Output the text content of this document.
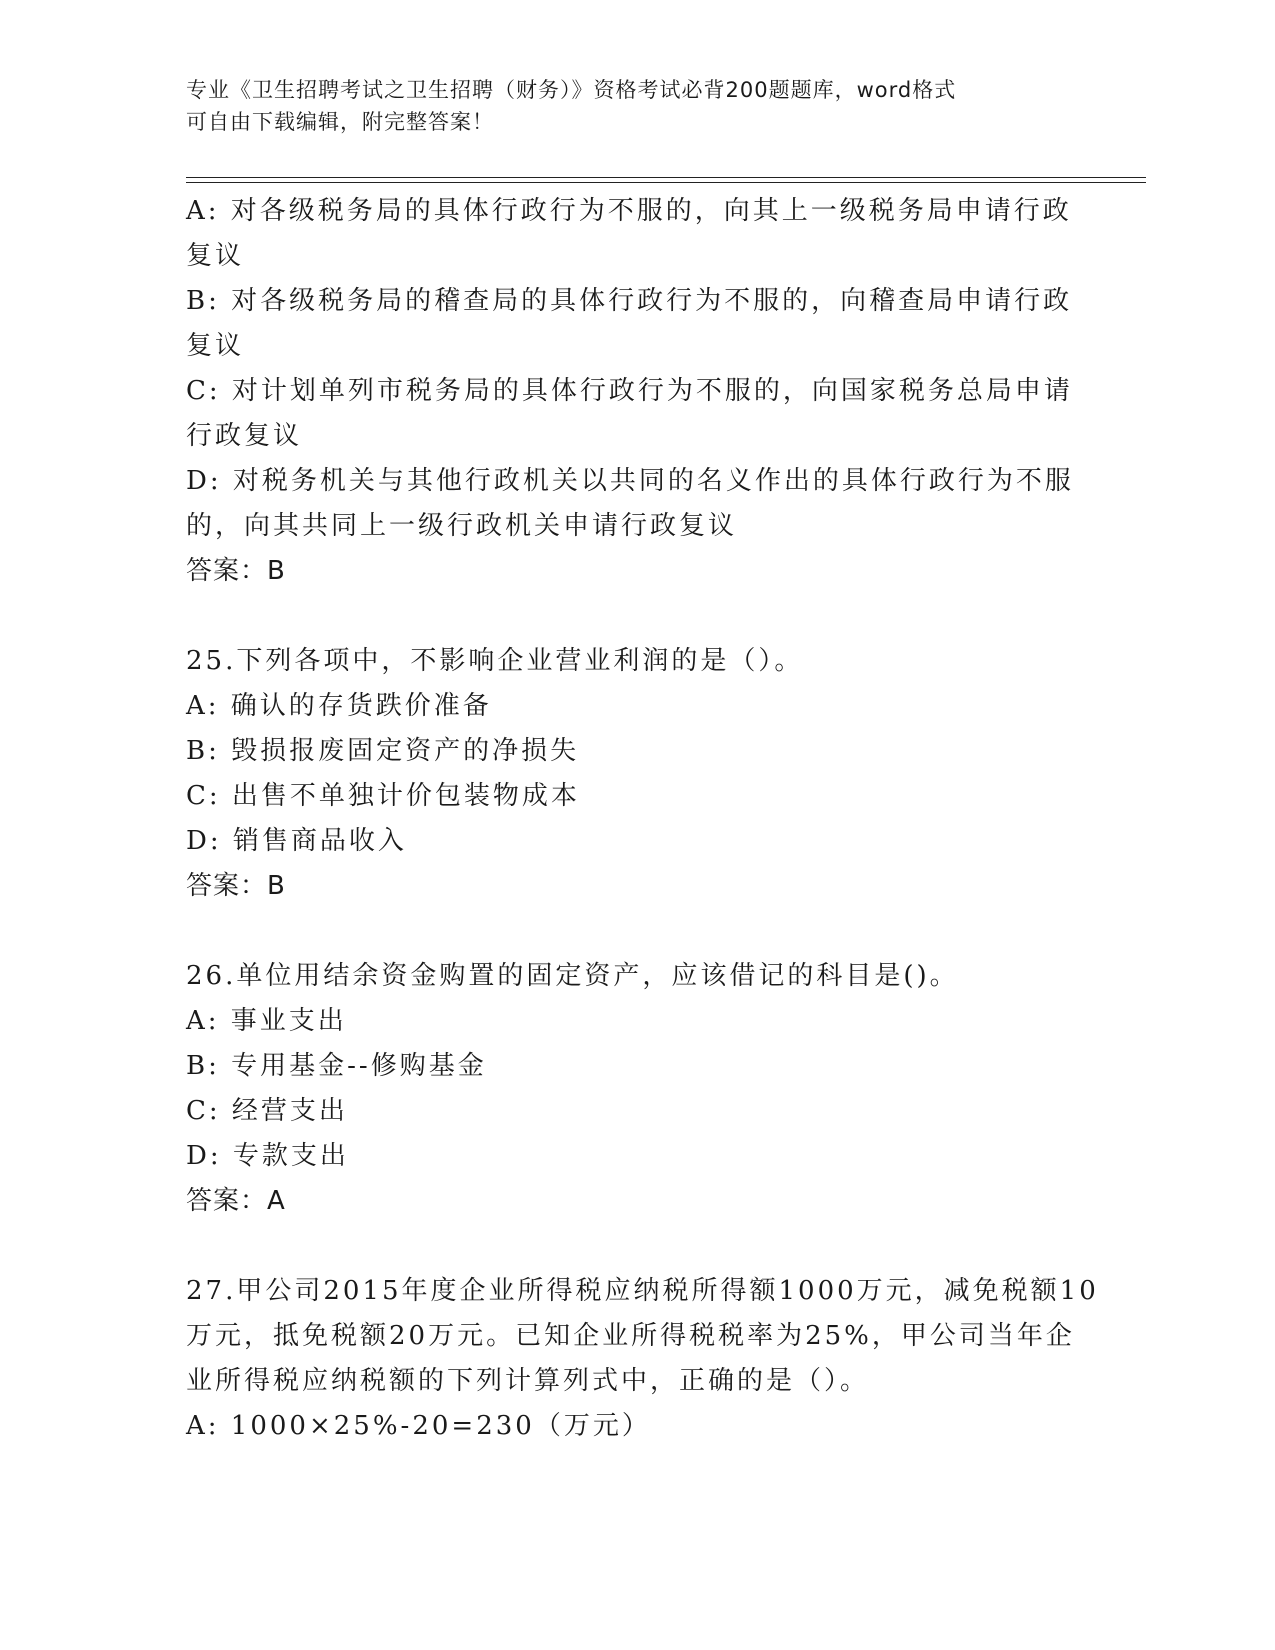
专业《卫生招聘考试之卫生招聘（财务）》资格考试必背200题题库，word格式
可自由下载编辑，附完整答案！
A: 对各级税务局的具体行政行为不服的，向其上一级税务局申请行政
复议
B: 对各级税务局的稽查局的具体行政行为不服的，向稽查局申请行政
复议
C: 对计划单列市税务局的具体行政行为不服的，向国家税务总局申请
行政复议
D: 对税务机关与其他行政机关以共同的名义作出的具体行政行为不服
的，向其共同上一级行政机关申请行政复议
答案：B
25.下列各项中，不影响企业营业利润的是（）。
A: 确认的存货跌价准备
B: 毁损报废固定资产的净损失
C: 出售不单独计价包装物成本
D: 销售商品收入
答案：B
26.单位用结余资金购置的固定资产，应该借记的科目是()。
A: 事业支出
B: 专用基金--修购基金
C: 经营支出
D: 专款支出
答案：A
27.甲公司2015年度企业所得税应纳税所得额1000万元，减免税额10
万元，抵免税额20万元。已知企业所得税税率为25%，甲公司当年企
业所得税应纳税额的下列计算列式中，正确的是（）。
A: 1000×25%-20=230（万元）
